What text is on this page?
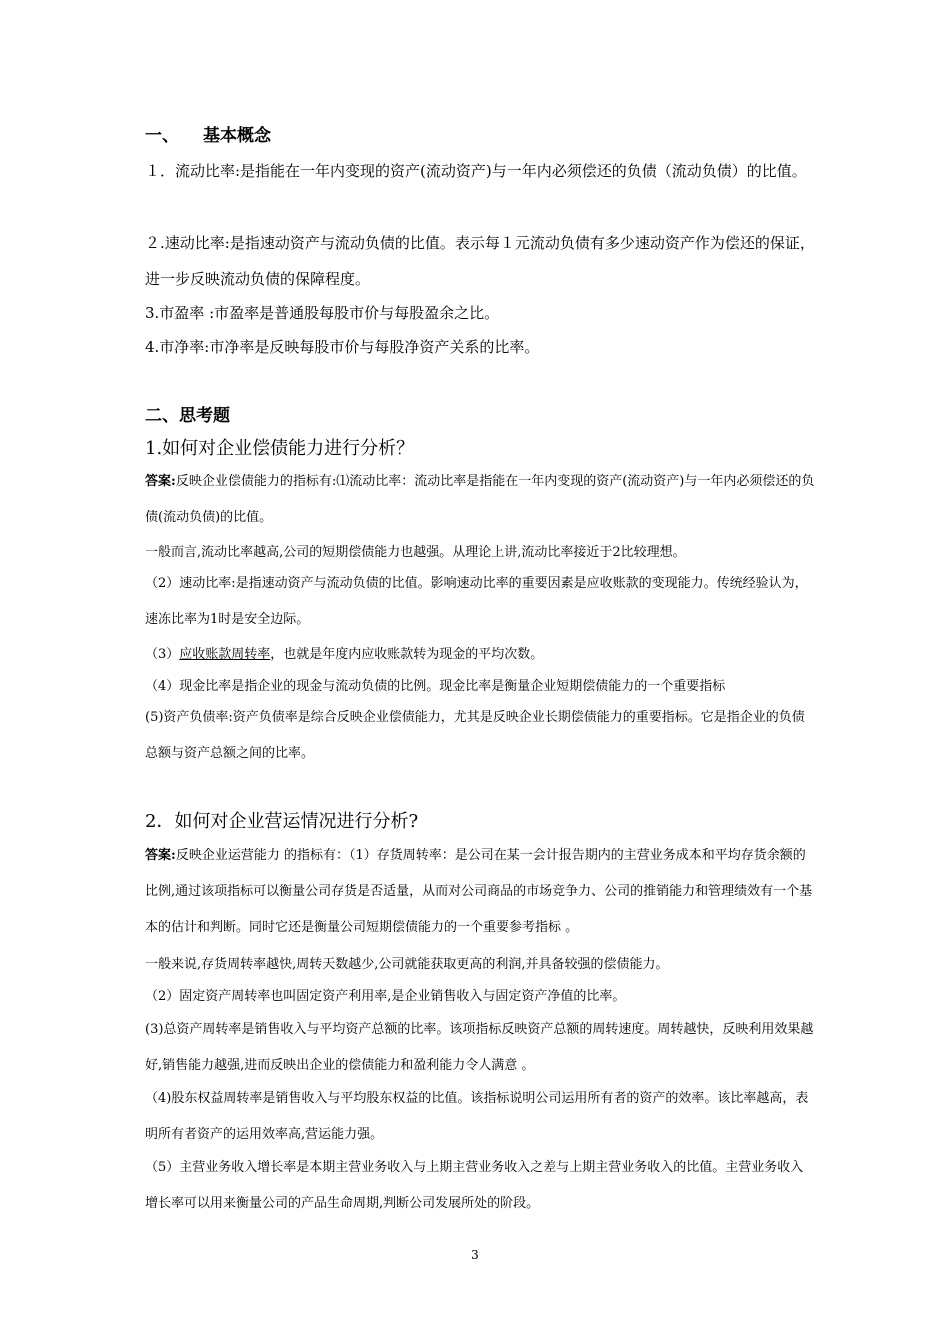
一、 基本概念

１．流动比率:是指能在一年内变现的资产(流动资产)与一年内必须偿还的负债（流动负债）的比值。

２.速动比率:是指速动资产与流动负债的比值。表示每１元流动负债有多少速动资产作为偿还的保证，进一步反映流动负债的保障程度。

3.市盈率 :市盈率是普通股每股市价与每股盈余之比。

4.市净率:市净率是反映每股市价与每股净资产关系的比率。

二、思考题
1.如何对企业偿债能力进行分析？

答案:反映企业偿债能力的指标有:⑴流动比率：流动比率是指能在一年内变现的资产(流动资产)与一年内必须偿还的负债(流动负债)的比值。

一般而言,流动比率越高,公司的短期偿债能力也越强。从理论上讲,流动比率接近于2比较理想。

（2）速动比率:是指速动资产与流动负债的比值。影响速动比率的重要因素是应收账款的变现能力。传统经验认为，速冻比率为1时是安全边际。

（3）应收账款周转率，也就是年度内应收账款转为现金的平均次数。

（4）现金比率是指企业的现金与流动负债的比例。现金比率是衡量企业短期偿债能力的一个重要指标

(5)资产负债率:资产负债率是综合反映企业偿债能力，尤其是反映企业长期偿债能力的重要指标。它是指企业的负债总额与资产总额之间的比率。

2．如何对企业营运情况进行分析?

答案:反映企业运营能力 的指标有：（1）存货周转率：是公司在某一会计报告期内的主营业务成本和平均存货余额的比例,通过该项指标可以衡量公司存货是否适量，从而对公司商品的市场竞争力、公司的推销能力和管理绩效有一个基本的估计和判断。同时它还是衡量公司短期偿债能力的一个重要参考指标 。

一般来说,存货周转率越快,周转天数越少,公司就能获取更高的利润,并具备较强的偿债能力。

（2）固定资产周转率也叫固定资产利用率,是企业销售收入与固定资产净值的比率。

(3)总资产周转率是销售收入与平均资产总额的比率。该项指标反映资产总额的周转速度。周转越快，反映利用效果越好,销售能力越强,进而反映出企业的偿债能力和盈利能力令人满意 。

（4)股东权益周转率是销售收入与平均股东权益的比值。该指标说明公司运用所有者的资产的效率。该比率越高，表明所有者资产的运用效率高,营运能力强。

（5）主营业务收入增长率是本期主营业务收入与上期主营业务收入之差与上期主营业务收入的比值。主营业务收入增长率可以用来衡量公司的产品生命周期,判断公司发展所处的阶段。

3
